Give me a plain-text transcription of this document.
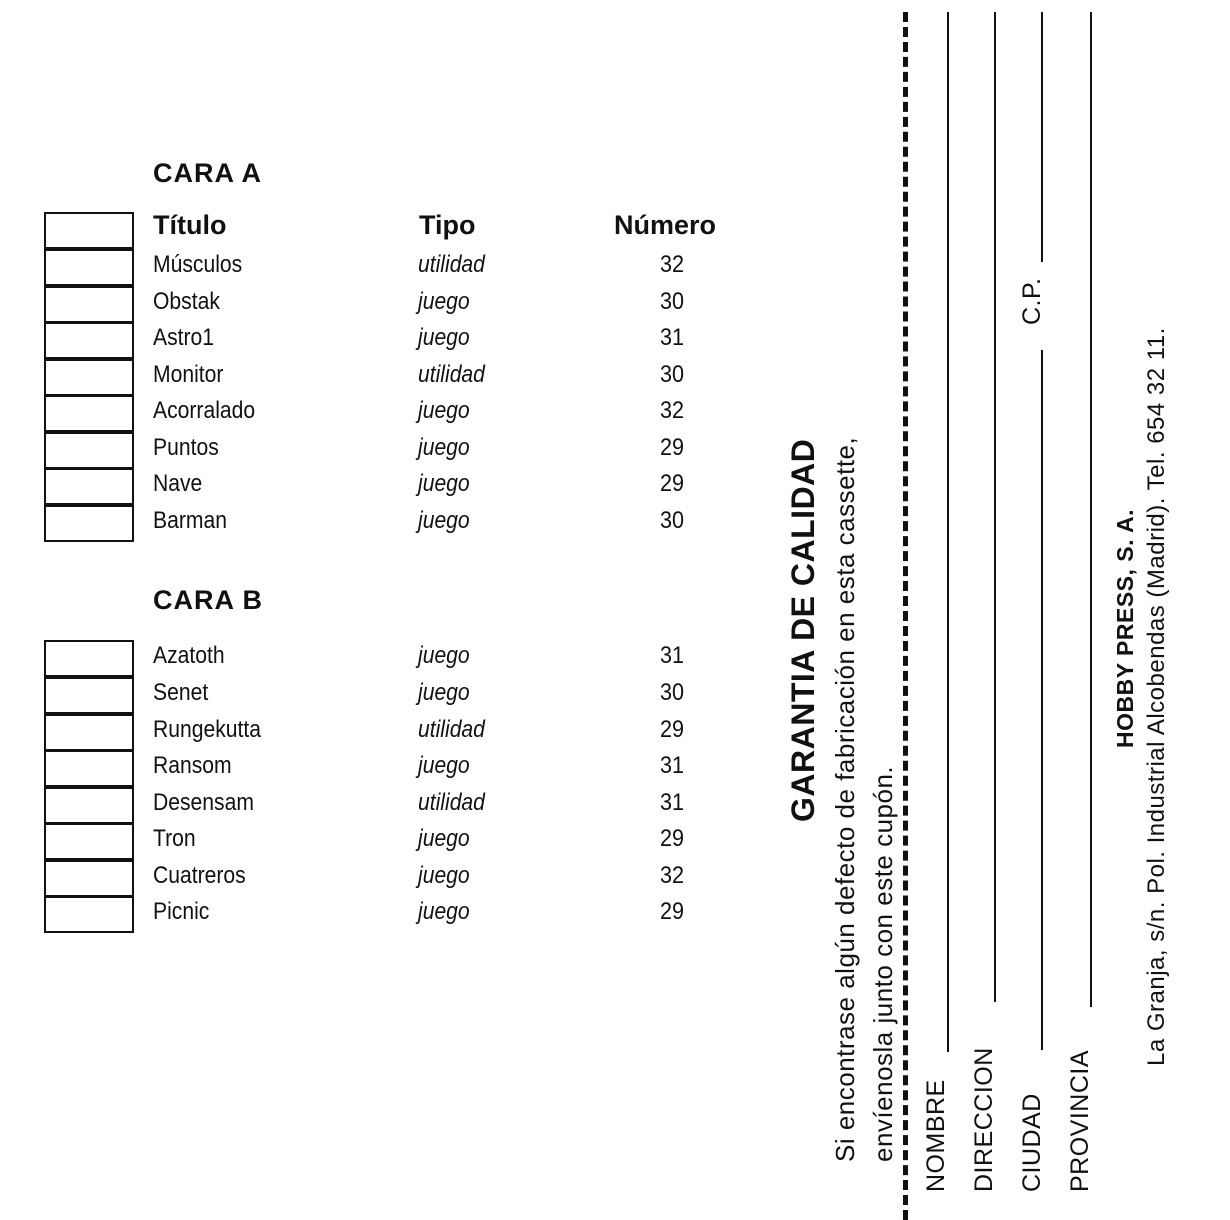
CARA A
Título	Tipo	Número
Músculos	utilidad	32
Obstak	juego	30
Astro1	juego	31
Monitor	utilidad	30
Acorralado	juego	32
Puntos	juego	29
Nave	juego	29
Barman	juego	30
CARA B
Azatoth	juego	31
Senet	juego	30
Rungekutta	utilidad	29
Ransom	juego	31
Desensam	utilidad	31
Tron	juego	29
Cuatreros	juego	32
Picnic	juego	29
GARANTIA DE CALIDAD Si encontrase algún defecto de fabricación en esta cassette, envíenosla junto con este cupón. NOMBRE DIRECCION CIUDAD
C.P.
PROVINCIA
HOBBY PRESS, S. A. La Granja, s/n. Pol. Industrial Alcobendas (Madrid). Tel. 654 32 11.
